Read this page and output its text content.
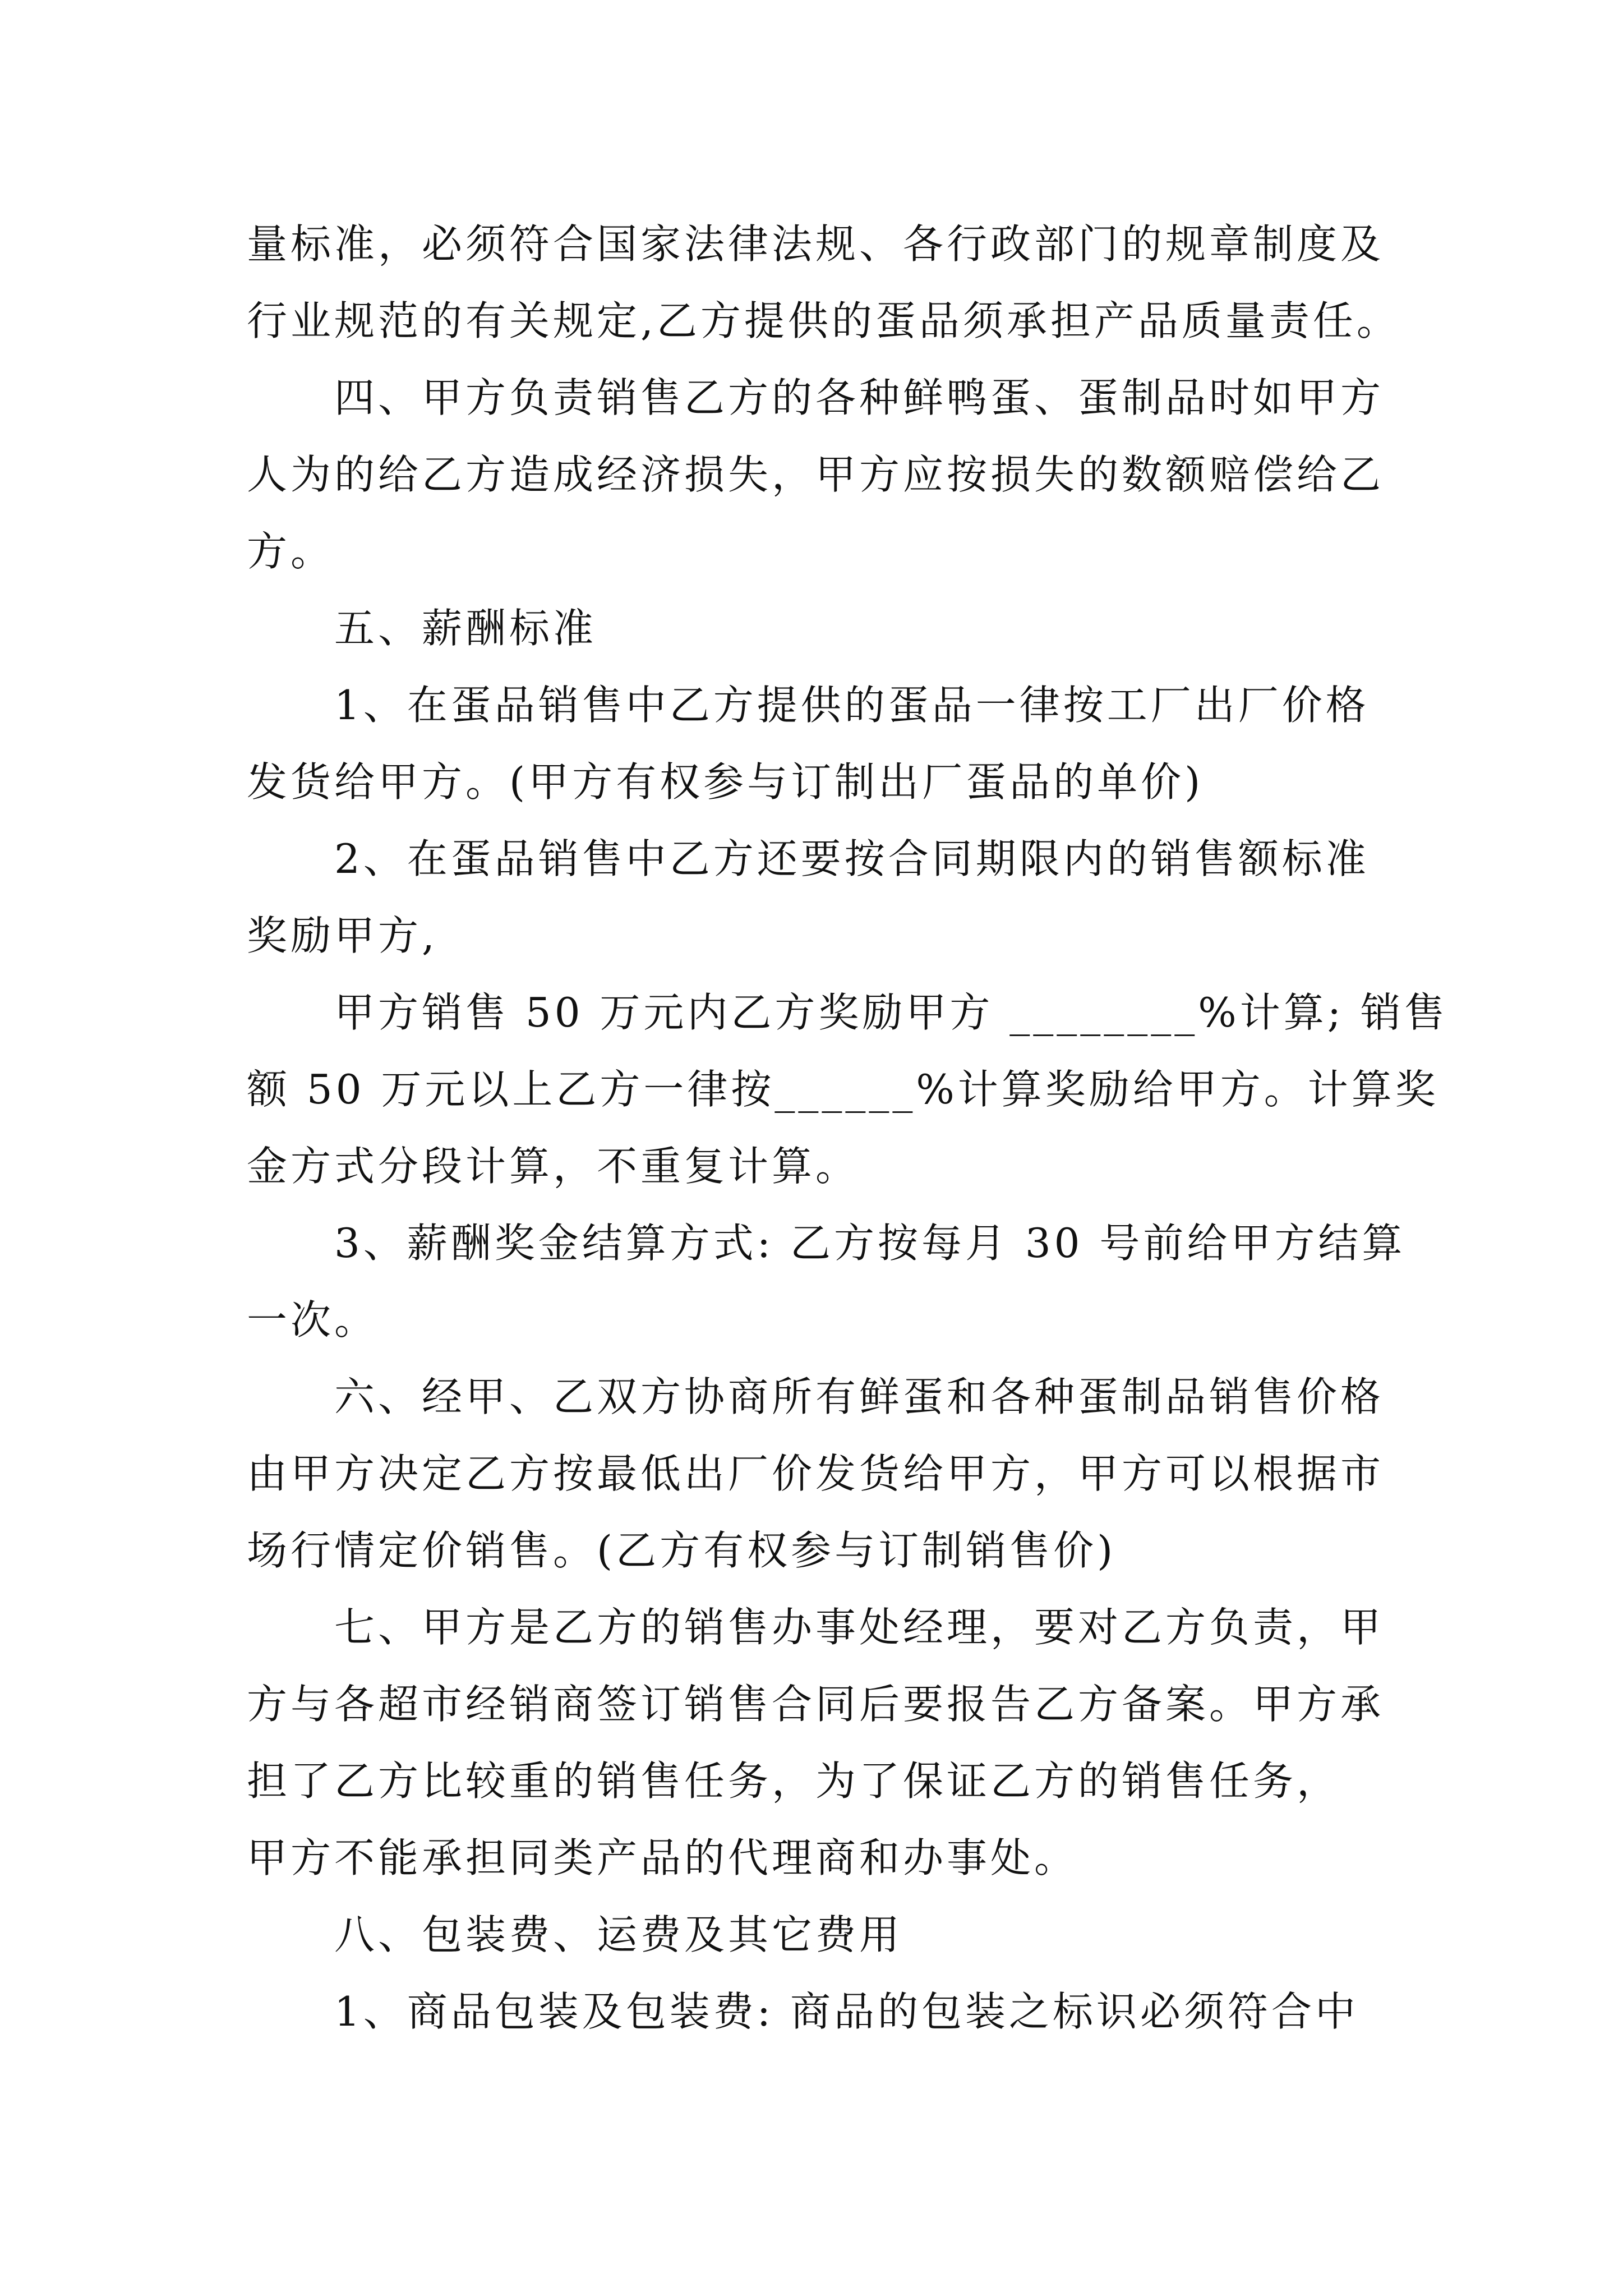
量标准，必须符合国家法律法规、各行政部门的规章制度及
行业规范的有关规定,乙方提供的蛋品须承担产品质量责任。
四、甲方负责销售乙方的各种鲜鸭蛋、蛋制品时如甲方
人为的给乙方造成经济损失，甲方应按损失的数额赔偿给乙
方。
五、薪酬标准
1、在蛋品销售中乙方提供的蛋品一律按工厂出厂价格
发货给甲方。(甲方有权参与订制出厂蛋品的单价)
2、在蛋品销售中乙方还要按合同期限内的销售额标准
奖励甲方,
甲方销售 50 万元内乙方奖励甲方 ________%计算; 销售
额 50 万元以上乙方一律按______%计算奖励给甲方。计算奖
金方式分段计算，不重复计算。
3、薪酬奖金结算方式: 乙方按每月 30 号前给甲方结算
一次。
六、经甲、乙双方协商所有鲜蛋和各种蛋制品销售价格
由甲方决定乙方按最低出厂价发货给甲方，甲方可以根据市
场行情定价销售。(乙方有权参与订制销售价)
七、甲方是乙方的销售办事处经理，要对乙方负责，甲
方与各超市经销商签订销售合同后要报告乙方备案。甲方承
担了乙方比较重的销售任务，为了保证乙方的销售任务，
甲方不能承担同类产品的代理商和办事处。
八、包装费、运费及其它费用
1、商品包装及包装费: 商品的包装之标识必须符合中
